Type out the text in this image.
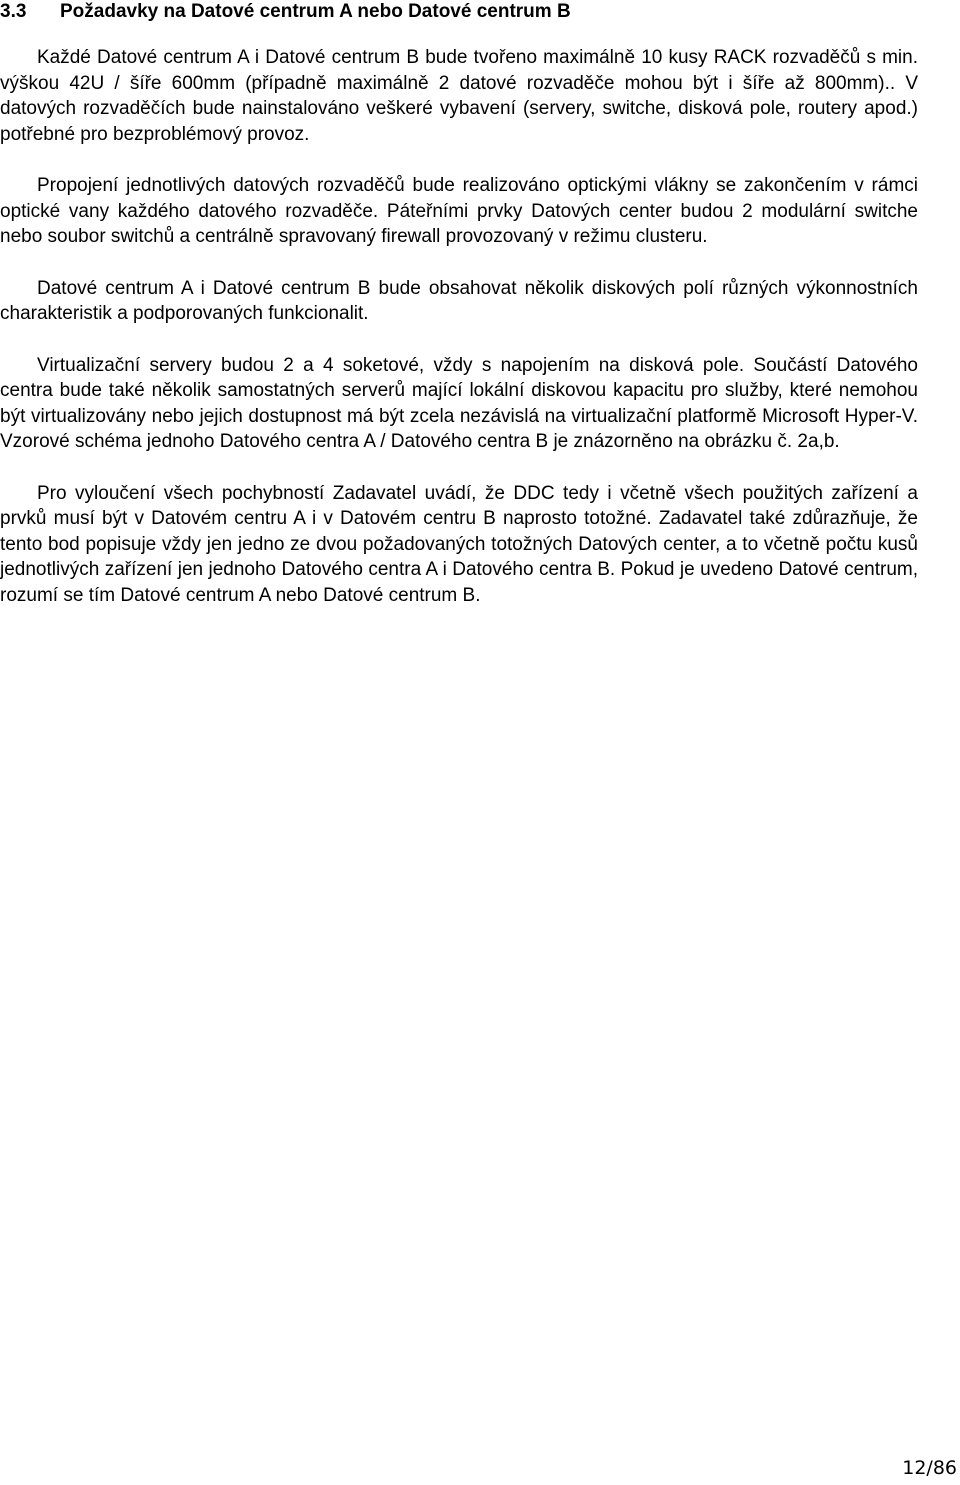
3.3 Požadavky na Datové centrum A nebo Datové centrum B

Každé Datové centrum A i Datové centrum B bude tvořeno maximálně 10 kusy RACK rozvaděčů s min. výškou 42U / šíře 600mm (případně maximálně 2 datové rozvaděče mohou být i šíře až 800mm).. V datových rozvaděčích bude nainstalováno veškeré vybavení (servery, switche, disková pole, routery apod.) potřebné pro bezproblémový provoz.

Propojení jednotlivých datových rozvaděčů bude realizováno optickými vlákny se zakončením v rámci optické vany každého datového rozvaděče. Páteřními prvky Datových center budou 2 modulární switche nebo soubor switchů a centrálně spravovaný firewall provozovaný v režimu clusteru.

Datové centrum A i Datové centrum B bude obsahovat několik diskových polí různých výkonnostních charakteristik a podporovaných funkcionalit.

Virtualizační servery budou 2 a 4 soketové, vždy s napojením na disková pole. Součástí Datového centra bude také několik samostatných serverů mající lokální diskovou kapacitu pro služby, které nemohou být virtualizovány nebo jejich dostupnost má být zcela nezávislá na virtualizační platformě Microsoft Hyper-V. Vzorové schéma jednoho Datového centra A / Datového centra B je znázorněno na obrázku č. 2a,b.

Pro vyloučení všech pochybností Zadavatel uvádí, že DDC tedy i včetně všech použitých zařízení a prvků musí být v Datovém centru A i v Datovém centru B naprosto totožné. Zadavatel také zdůrazňuje, že tento bod popisuje vždy jen jedno ze dvou požadovaných totožných Datových center, a to včetně počtu kusů jednotlivých zařízení jen jednoho Datového centra A i Datového centra B. Pokud je uvedeno Datové centrum, rozumí se tím Datové centrum A nebo Datové centrum B.

12/86
